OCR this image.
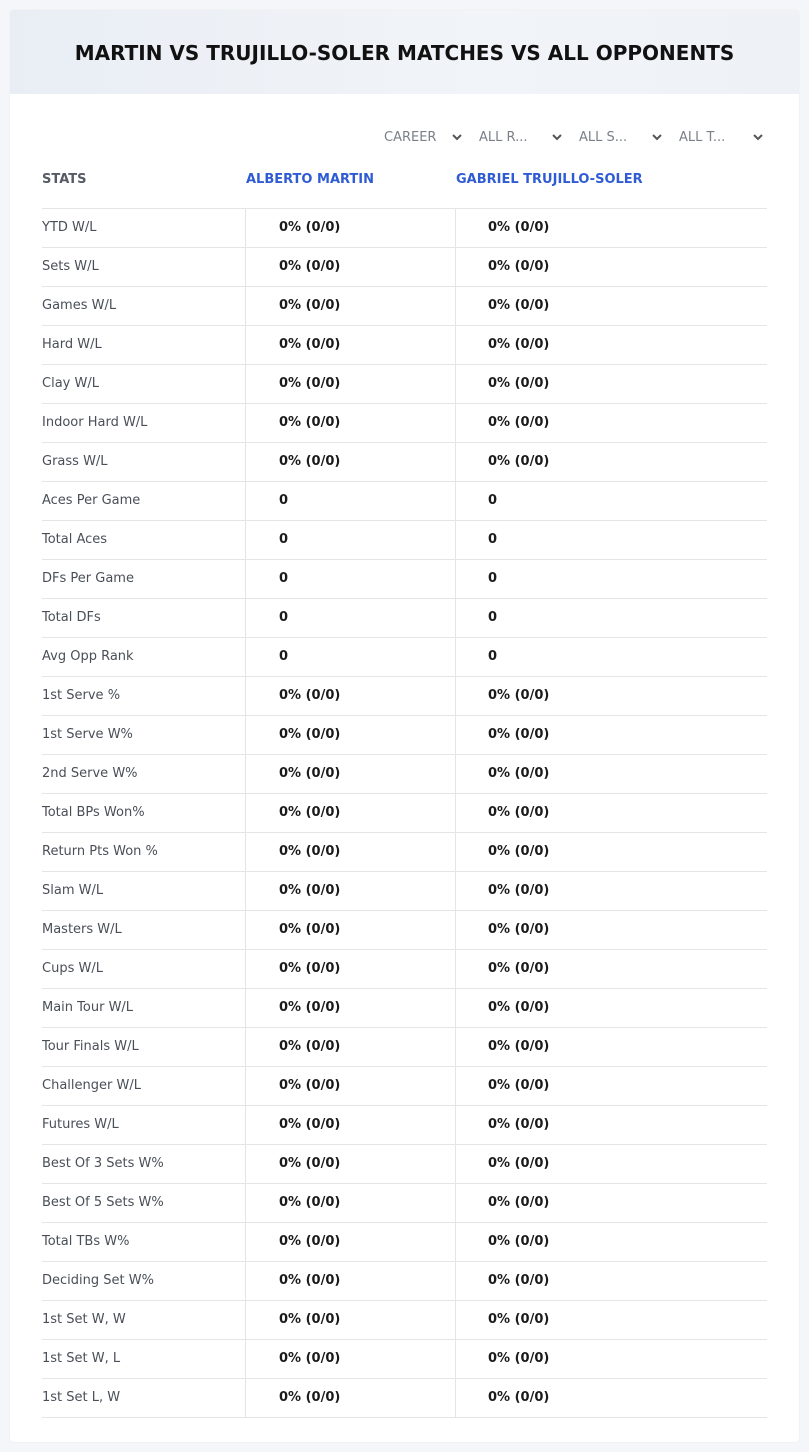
MARTIN VS TRUJILLO-SOLER MATCHES VS ALL OPPONENTS
CAREER	ALL R...	ALL S...	ALL T...
STATS	ALBERTO MARTIN	GABRIEL TRUJILLO-SOLER
YTD W/L	0% (0/0)	0% (0/0)
Sets W/L	0% (0/0)	0% (0/0)
Games W/L	0% (0/0)	0% (0/0)
Hard W/L	0% (0/0)	0% (0/0)
Clay W/L	0% (0/0)	0% (0/0)
Indoor Hard W/L	0% (0/0)	0% (0/0)
Grass W/L	0% (0/0)	0% (0/0)
Aces Per Game	0	0
Total Aces	0	0
DFs Per Game	0	0
Total DFs	0	0
Avg Opp Rank	0	0
1st Serve %	0% (0/0)	0% (0/0)
1st Serve W%	0% (0/0)	0% (0/0)
2nd Serve W%	0% (0/0)	0% (0/0)
Total BPs Won%	0% (0/0)	0% (0/0)
Return Pts Won %	0% (0/0)	0% (0/0)
Slam W/L	0% (0/0)	0% (0/0)
Masters W/L	0% (0/0)	0% (0/0)
Cups W/L	0% (0/0)	0% (0/0)
Main Tour W/L	0% (0/0)	0% (0/0)
Tour Finals W/L	0% (0/0)	0% (0/0)
Challenger W/L	0% (0/0)	0% (0/0)
Futures W/L	0% (0/0)	0% (0/0)
Best Of 3 Sets W%	0% (0/0)	0% (0/0)
Best Of 5 Sets W%	0% (0/0)	0% (0/0)
Total TBs W%	0% (0/0)	0% (0/0)
Deciding Set W%	0% (0/0)	0% (0/0)
1st Set W, W	0% (0/0)	0% (0/0)
1st Set W, L	0% (0/0)	0% (0/0)
1st Set L, W	0% (0/0)	0% (0/0)
